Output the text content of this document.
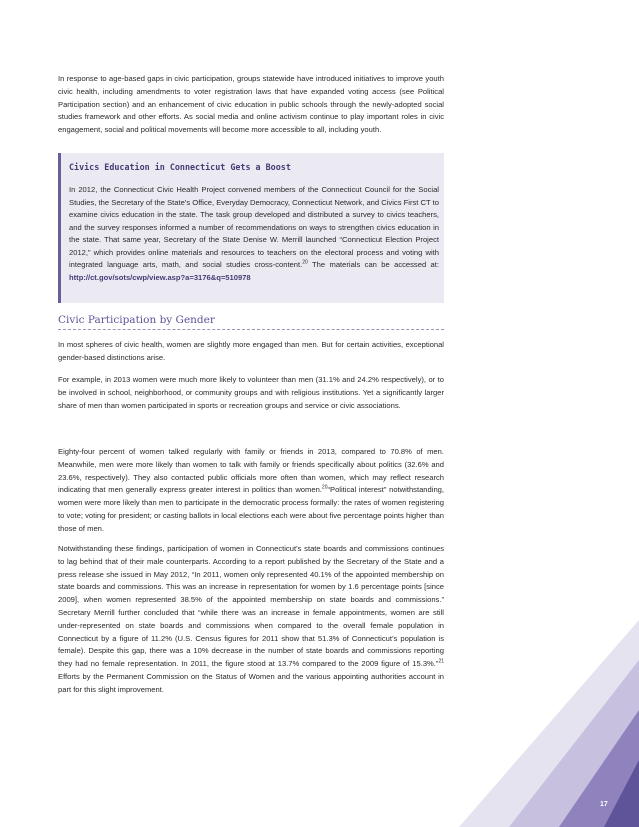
In response to age-based gaps in civic participation, groups statewide have introduced initiatives to improve youth civic health, including amendments to voter registration laws that have expanded voting access (see Political Participation section) and an enhancement of civic education in public schools through the newly-adopted social studies framework and other efforts. As social media and online activism continue to play important roles in civic engagement, social and political movements will become more accessible to all, including youth.

Civics Education in Connecticut Gets a Boost

In 2012, the Connecticut Civic Health Project convened members of the Connecticut Council for the Social Studies, the Secretary of the State’s Office, Everyday Democracy, Connecticut Network, and Civics First CT to examine civics education in the state. The task group developed and distributed a survey to civics teachers, and the survey responses informed a number of recommendations on ways to strengthen civics education in the state. That same year, Secretary of the State Denise W. Merrill launched “Connecticut Election Project 2012,” which provides online materials and resources to teachers on the electoral process and voting with integrated language arts, math, and social studies cross-content.$^{20}$ The materials can be accessed at: http://ct.gov/sots/cwp/view.asp?a=3176&q=510978

Civic Participation by Gender

In most spheres of civic health, women are slightly more engaged than men. But for certain activities, exceptional gender-based distinctions arise.

For example, in 2013 women were much more likely to volunteer than men (31.1% and 24.2% respectively), or to be involved in school, neighborhood, or community groups and with religious institutions. Yet a significantly larger share of men than women participated in sports or recreation groups and service or civic associations.

Eighty-four percent of women talked regularly with family or friends in 2013, compared to 70.8% of men. Meanwhile, men were more likely than women to talk with family or friends specifically about politics (32.6% and 23.6%, respectively). They also contacted public officials more often than women, which may reflect research indicating that men generally express greater interest in politics than women.$^{20}$“Political interest” notwithstanding, women were more likely than men to participate in the democratic process formally: the rates of women registering to vote; voting for president; or casting ballots in local elections each were about five percentage points higher than those of men.

Notwithstanding these findings, participation of women in Connecticut’s state boards and commissions continues to lag behind that of their male counterparts. According to a report published by the Secretary of the State and a press release she issued in May 2012, “In 2011, women only represented 40.1% of the appointed membership on state boards and commissions. This was an increase in representation for women by 1.6 percentage points [since 2009], when women represented 38.5% of the appointed membership on state boards and commissions.” Secretary Merrill further concluded that “while there was an increase in female appointments, women are still under-represented on state boards and commissions when compared to the overall female population in Connecticut by a figure of 11.2% (U.S. Census figures for 2011 show that 51.3% of Connecticut’s population is female). Despite this gap, there was a 10% decrease in the number of state boards and commissions reporting they had no female representation. In 2011, the figure stood at 13.7% compared to the 2009 figure of 15.3%.”$^{21}$ Efforts by the Permanent Commission on the Status of Women and the various appointing authorities account in part for this slight improvement.

17
